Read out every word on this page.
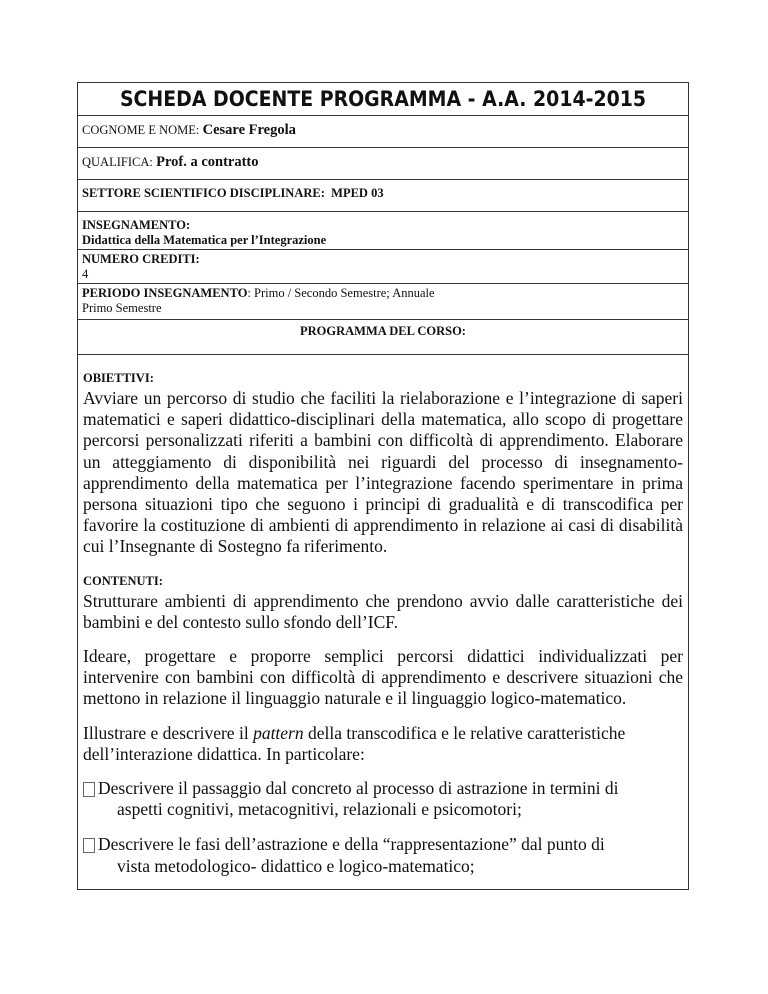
SCHEDA DOCENTE PROGRAMMA - A.A. 2014-2015
COGNOME E NOME: Cesare Fregola
QUALIFICA: Prof. a contratto
SETTORE SCIENTIFICO DISCIPLINARE: MPED 03
INSEGNAMENTO:
Didattica della Matematica per l’Integrazione
NUMERO CREDITI:
4
PERIODO INSEGNAMENTO: Primo / Secondo Semestre; Annuale
Primo Semestre
PROGRAMMA DEL CORSO:
OBIETTIVI:

Avviare un percorso di studio che faciliti la rielaborazione e l’integrazione di saperi matematici e saperi didattico-disciplinari della matematica, allo scopo di progettare percorsi personalizzati riferiti a bambini con difficoltà di apprendimento. Elaborare un atteggiamento di disponibilità nei riguardi del processo di insegnamento-apprendimento della matematica per l’integrazione facendo sperimentare in prima persona situazioni tipo che seguono i principi di gradualità e di transcodifica per favorire la costituzione di ambienti di apprendimento in relazione ai casi di disabilità cui l’Insegnante di Sostegno fa riferimento.

CONTENUTI:

Strutturare ambienti di apprendimento che prendono avvio dalle caratteristiche dei bambini e del contesto sullo sfondo dell’ICF.

Ideare, progettare e proporre semplici percorsi didattici individualizzati per intervenire con bambini con difficoltà di apprendimento e descrivere situazioni che mettono in relazione il linguaggio naturale e il linguaggio logico-matematico.

Illustrare e descrivere il pattern della transcodifica e le relative caratteristiche dell’interazione didattica. In particolare:

Descrivere il passaggio dal concreto al processo di astrazione in termini di
aspetti cognitivi, metacognitivi, relazionali e psicomotori;
Descrivere le fasi dell’astrazione e della “rappresentazione” dal punto di
vista metodologico- didattico e logico-matematico;
